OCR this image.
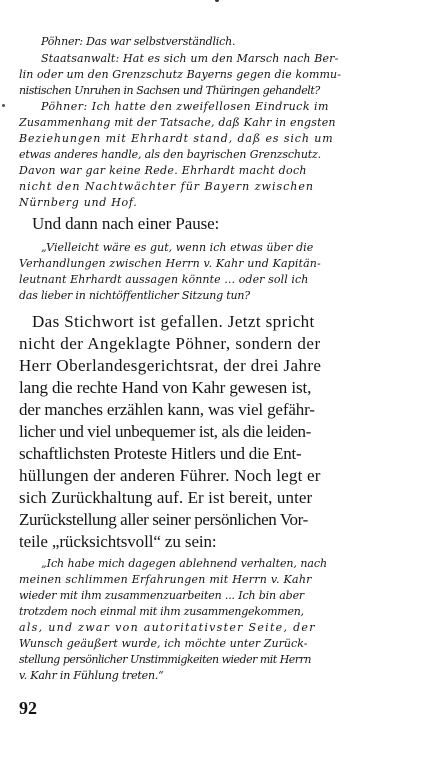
Pöhner: Das war selbstverständlich.
Staatsanwalt: Hat es sich um den Marsch nach Ber-
lin oder um den Grenzschutz Bayerns gegen die kommu-
nistischen Unruhen in Sachsen und Thüringen gehandelt?
Pöhner: Ich hatte den zweifellosen Eindruck im
Zusammenhang mit der Tatsache, daß Kahr in engsten
Beziehungen mit Ehrhardt stand, daß es sich um
etwas anderes handle, als den bayrischen Grenzschutz.
Davon war gar keine Rede. Ehrhardt macht doch
nicht den Nachtwächter für Bayern zwischen
Nürnberg und Hof.
Und dann nach einer Pause:
„Vielleicht wäre es gut, wenn ich etwas über die
Verhandlungen zwischen Herrn v. Kahr und Kapitän-
leutnant Ehrhardt aussagen könnte ... oder soll ich
das lieber in nichtöffentlicher Sitzung tun?
Das Stichwort ist gefallen. Jetzt spricht
nicht der Angeklagte Pöhner, sondern der
Herr Oberlandesgerichtsrat, der drei Jahre
lang die rechte Hand von Kahr gewesen ist,
der manches erzählen kann, was viel gefähr-
licher und viel unbequemer ist, als die leiden-
schaftlichsten Proteste Hitlers und die Ent-
hüllungen der anderen Führer. Noch legt er
sich Zurückhaltung auf. Er ist bereit, unter
Zurückstellung aller seiner persönlichen Vor-
teile „rücksichtsvoll“ zu sein:
„Ich habe mich dagegen ablehnend verhalten, nach
meinen schlimmen Erfahrungen mit Herrn v. Kahr
wieder mit ihm zusammenzuarbeiten ... Ich bin aber
trotzdem noch einmal mit ihm zusammengekommen,
als, und zwar von autoritativster Seite, der
Wunsch geäußert wurde, ich möchte unter Zurück-
stellung persönlicher Unstimmigkeiten wieder mit Herrn
v. Kahr in Fühlung treten.“
92
